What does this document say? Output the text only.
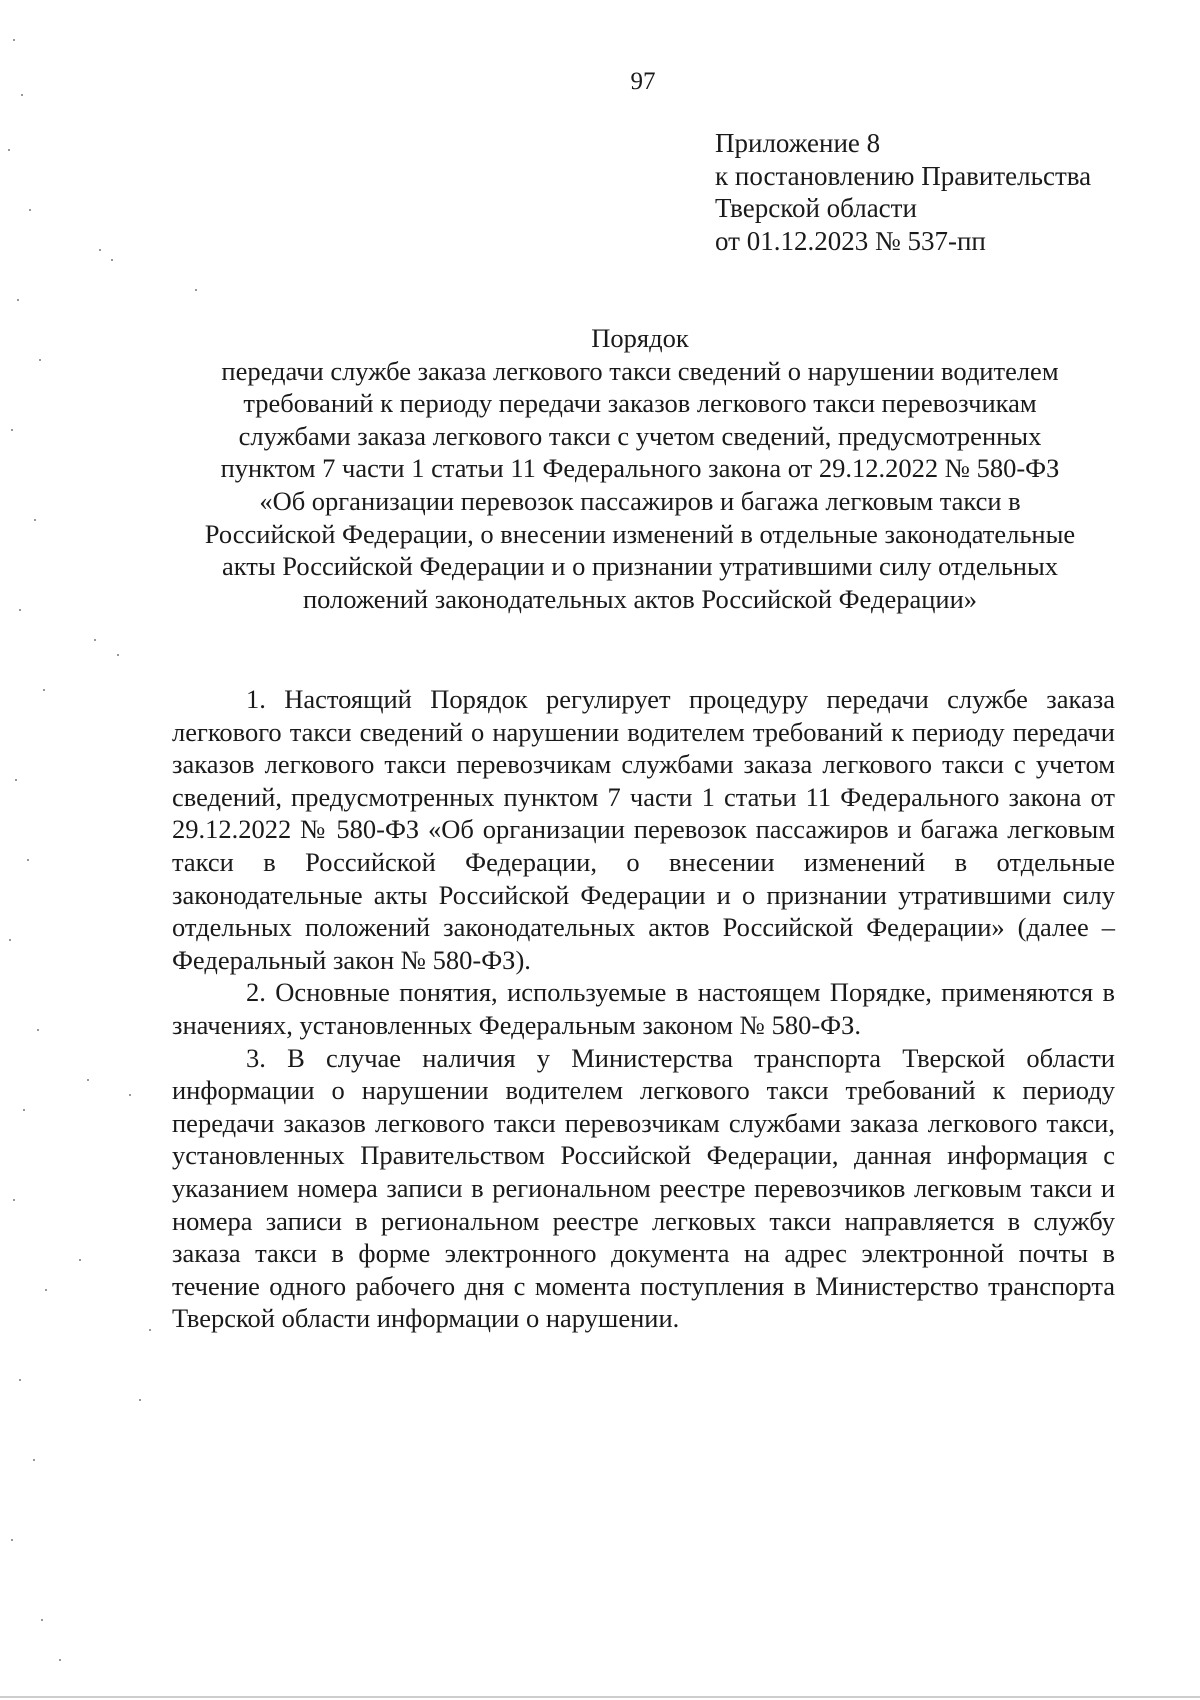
97
Приложение 8
к постановлению Правительства
Тверской области
от 01.12.2023 № 537-пп
Порядок
передачи службе заказа легкового такси сведений о нарушении водителем
требований к периоду передачи заказов легкового такси перевозчикам
службами заказа легкового такси с учетом сведений, предусмотренных
пунктом 7 части 1 статьи 11 Федерального закона от 29.12.2022 № 580-ФЗ
«Об организации перевозок пассажиров и багажа легковым такси в
Российской Федерации, о внесении изменений в отдельные законодательные
акты Российской Федерации и о признании утратившими силу отдельных
положений законодательных актов Российской Федерации»

1. Настоящий Порядок регулирует процедуру передачи службе заказа легкового такси сведений о нарушении водителем требований к периоду передачи заказов легкового такси перевозчикам службами заказа легкового такси с учетом сведений, предусмотренных пунктом 7 части 1 статьи 11 Федерального закона от 29.12.2022 № 580-ФЗ «Об организации перевозок пассажиров и багажа легковым такси в Российской Федерации, о внесении изменений в отдельные законодательные акты Российской Федерации и о признании утратившими силу отдельных положений законодательных актов Российской Федерации» (далее – Федеральный закон № 580-ФЗ).

2. Основные понятия, используемые в настоящем Порядке, применяются в значениях, установленных Федеральным законом № 580-ФЗ.

3. В случае наличия у Министерства транспорта Тверской области информации о нарушении водителем легкового такси требований к периоду передачи заказов легкового такси перевозчикам службами заказа легкового такси, установленных Правительством Российской Федерации, данная информация с указанием номера записи в региональном реестре перевозчиков легковым такси и номера записи в региональном реестре легковых такси направляется в службу заказа такси в форме электронного документа на адрес электронной почты в течение одного рабочего дня с момента поступления в Министерство транспорта Тверской области информации о нарушении.
